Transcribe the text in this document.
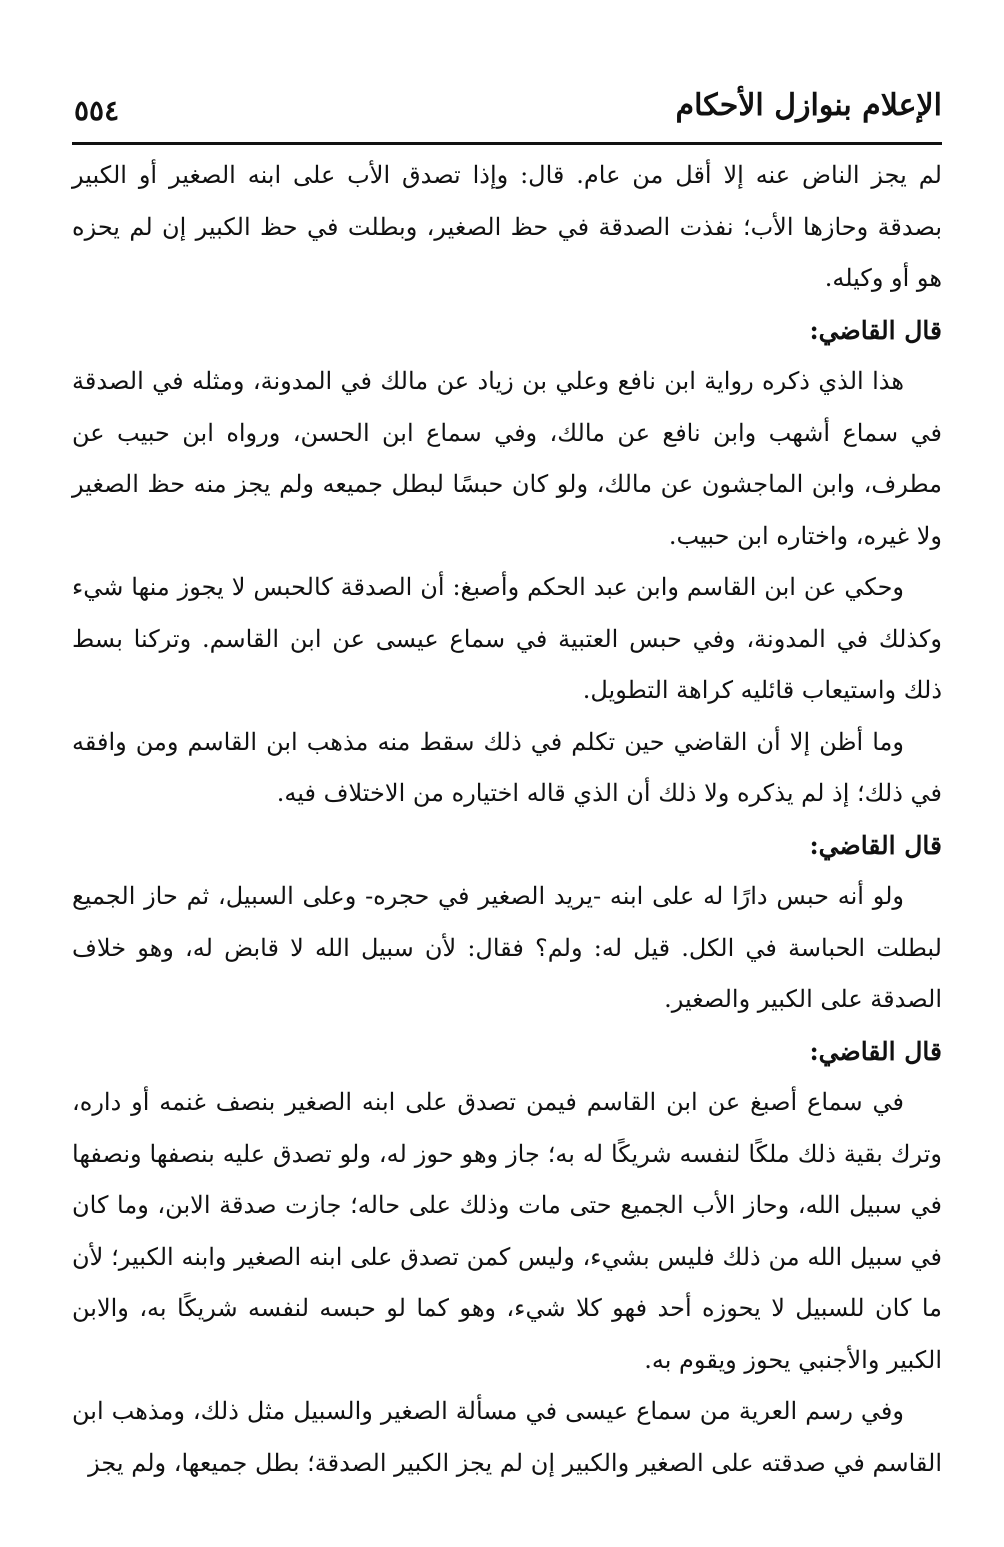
الإعلام بنوازل الأحكام
٥٥٤

لم يجز الناض عنه إلا أقل من عام. قال: وإذا تصدق الأب على ابنه الصغير أو الكبير بصدقة وحازها الأب؛ نفذت الصدقة في حظ الصغير، وبطلت في حظ الكبير إن لم يحزه هو أو وكيله.

قال القاضي:

هذا الذي ذكره رواية ابن نافع وعلي بن زياد عن مالك في المدونة، ومثله في الصدقة في سماع أشهب وابن نافع عن مالك، وفي سماع ابن الحسن، ورواه ابن حبيب عن مطرف، وابن الماجشون عن مالك، ولو كان حبسًا لبطل جميعه ولم يجز منه حظ الصغير ولا غيره، واختاره ابن حبيب.

وحكي عن ابن القاسم وابن عبد الحكم وأصبغ: أن الصدقة كالحبس لا يجوز منها شيء وكذلك في المدونة، وفي حبس العتبية في سماع عيسى عن ابن القاسم. وتركنا بسط ذلك واستيعاب قائليه كراهة التطويل.

وما أظن إلا أن القاضي حين تكلم في ذلك سقط منه مذهب ابن القاسم ومن وافقه في ذلك؛ إذ لم يذكره ولا ذلك أن الذي قاله اختياره من الاختلاف فيه.

قال القاضي:

ولو أنه حبس دارًا له على ابنه -يريد الصغير في حجره- وعلى السبيل، ثم حاز الجميع لبطلت الحباسة في الكل. قيل له: ولم؟ فقال: لأن سبيل الله لا قابض له، وهو خلاف الصدقة على الكبير والصغير.

قال القاضي:

في سماع أصبغ عن ابن القاسم فيمن تصدق على ابنه الصغير بنصف غنمه أو داره، وترك بقية ذلك ملكًا لنفسه شريكًا له به؛ جاز وهو حوز له، ولو تصدق عليه بنصفها ونصفها في سبيل الله، وحاز الأب الجميع حتى مات وذلك على حاله؛ جازت صدقة الابن، وما كان في سبيل الله من ذلك فليس بشيء، وليس كمن تصدق على ابنه الصغير وابنه الكبير؛ لأن ما كان للسبيل لا يحوزه أحد فهو كلا شيء، وهو كما لو حبسه لنفسه شريكًا به، والابن الكبير والأجنبي يحوز ويقوم به.

وفي رسم العرية من سماع عيسى في مسألة الصغير والسبيل مثل ذلك، ومذهب ابن القاسم في صدقته على الصغير والكبير إن لم يجز الكبير الصدقة؛ بطل جميعها، ولم يجز
